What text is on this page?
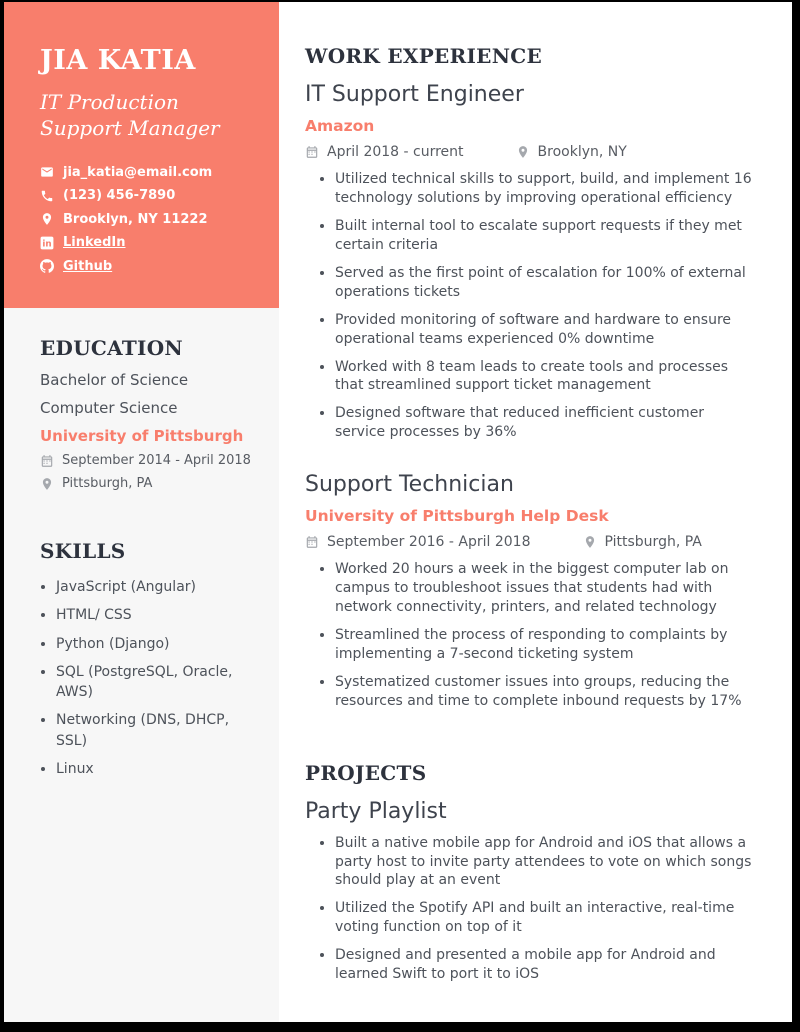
JIA KATIA
IT Production Support Manager
jia_katia@email.com
(123) 456-7890
Brooklyn, NY 11222
in LinkedIn
Github
EDUCATION
Bachelor of Science
Computer Science
University of Pittsburgh
September 2014 - April 2018
Pittsburgh, PA
SKILLS
• JavaScript (Angular)
• HTML/ CSS
• Python (Django)
• SQL (PostgreSQL, Oracle, AWS)
• Networking (DNS, DHCP, SSL)
• Linux
WORK EXPERIENCE
IT Support Engineer
Amazon
April 2018 - current	Brooklyn, NY
• Utilized technical skills to support, build, and implement 16 technology solutions by improving operational efficiency
• Built internal tool to escalate support requests if they met certain criteria
• Served as the first point of escalation for 100% of external operations tickets
• Provided monitoring of software and hardware to ensure operational teams experienced 0% downtime
• Worked with 8 team leads to create tools and processes that streamlined support ticket management
• Designed software that reduced inefficient customer service processes by 36%
Support Technician
University of Pittsburgh Help Desk
September 2016 - April 2018	Pittsburgh, PA
• Worked 20 hours a week in the biggest computer lab on campus to troubleshoot issues that students had with network connectivity, printers, and related technology
• Streamlined the process of responding to complaints by implementing a 7-second ticketing system
• Systematized customer issues into groups, reducing the resources and time to complete inbound requests by 17%
PROJECTS
Party Playlist
• Built a native mobile app for Android and iOS that allows a party host to invite party attendees to vote on which songs should play at an event
• Utilized the Spotify API and built an interactive, real-time voting function on top of it
• Designed and presented a mobile app for Android and learned Swift to port it to iOS
